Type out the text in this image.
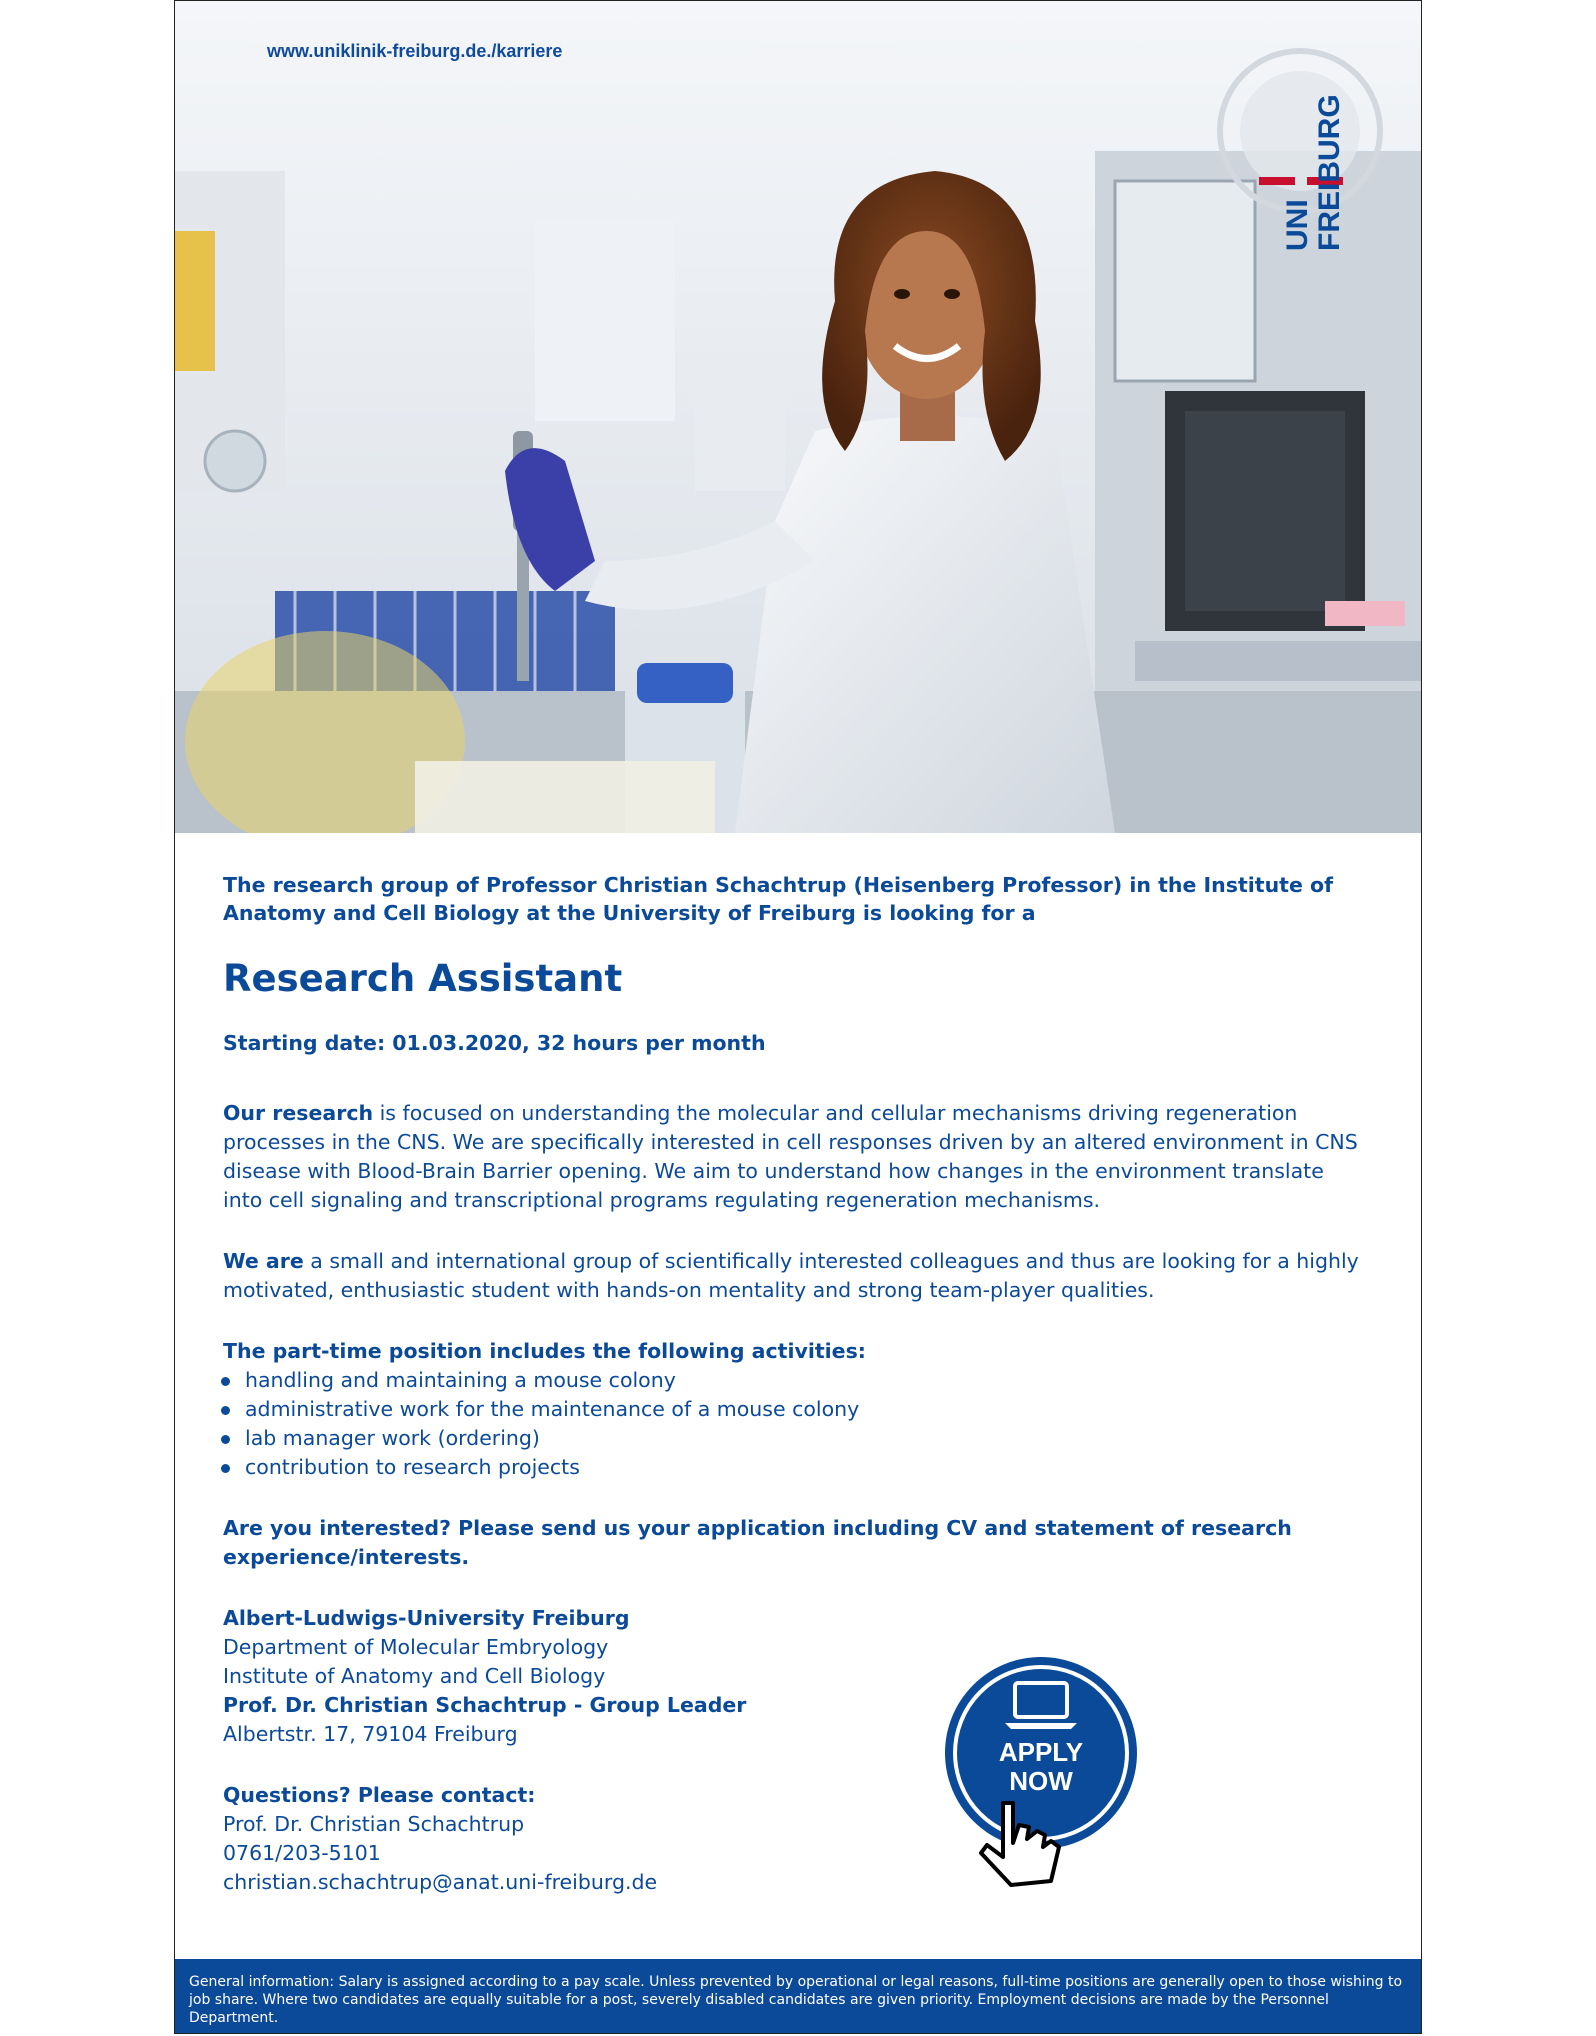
www.uniklinik-freiburg.de./karriere
UNI FREIBURG

The research group of Professor Christian Schachtrup (Heisenberg Professor) in the Institute of Anatomy and Cell Biology at the University of Freiburg is looking for a

Research Assistant

Starting date: 01.03.2020, 32 hours per month

Our research is focused on understanding the molecular and cellular mechanisms driving regeneration processes in the CNS. We are specifically interested in cell responses driven by an altered environment in CNS disease with Blood-Brain Barrier opening. We aim to understand how changes in the environment translate into cell signaling and transcriptional programs regulating regeneration mechanisms.

We are a small and international group of scientifically interested colleagues and thus are looking for a highly motivated, enthusiastic student with hands-on mentality and strong team-player qualities.

The part-time position includes the following activities:

handling and maintaining a mouse colony
administrative work for the maintenance of a mouse colony
lab manager work (ordering)
contribution to research projects

Are you interested? Please send us your application including CV and statement of research experience/interests.

Albert-Ludwigs-University Freiburg
Department of Molecular Embryology
Institute of Anatomy and Cell Biology
Prof. Dr. Christian Schachtrup - Group Leader
Albertstr. 17, 79104 Freiburg
Questions? Please contact:
Prof. Dr. Christian Schachtrup
0761/203-5101
christian.schachtrup@anat.uni-freiburg.de
APPLY
NOW
General information: Salary is assigned according to a pay scale. Unless prevented by operational or legal reasons, full-time positions are generally open to those wishing to job share. Where two candidates are equally suitable for a post, severely disabled candidates are given priority. Employment decisions are made by the Personnel Department.
